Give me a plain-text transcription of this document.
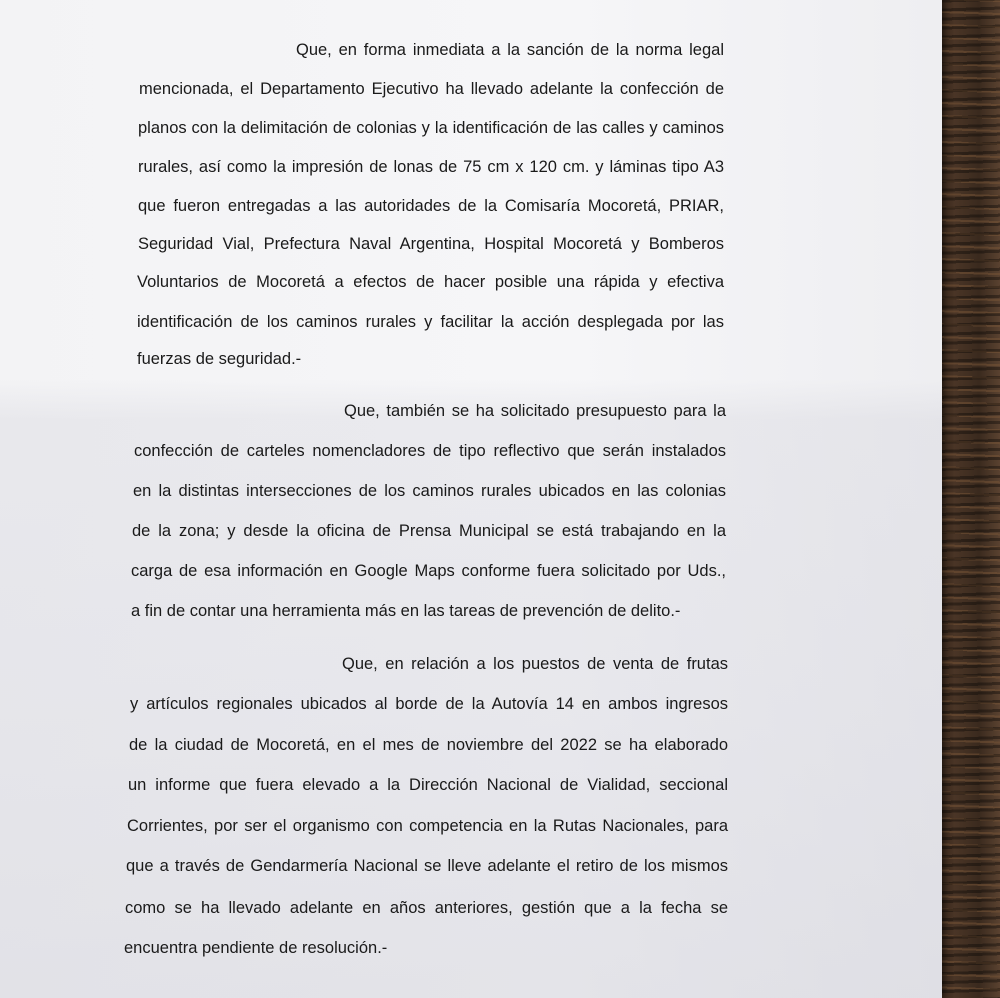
Que, en forma inmediata a la sanción de la norma legal
mencionada, el Departamento Ejecutivo ha llevado adelante la confección de
planos con la delimitación de colonias y la identificación de las calles y caminos
rurales, así como la impresión de lonas de 75 cm x 120 cm. y láminas tipo A3
que fueron entregadas a las autoridades de la Comisaría Mocoretá, PRIAR,
Seguridad Vial, Prefectura Naval Argentina, Hospital Mocoretá y Bomberos
Voluntarios de Mocoretá a efectos de hacer posible una rápida y efectiva
identificación de los caminos rurales y facilitar la acción desplegada por las
fuerzas de seguridad.-
Que, también se ha solicitado presupuesto para la
confección de carteles nomencladores de tipo reflectivo que serán instalados
en la distintas intersecciones de los caminos rurales ubicados en las colonias
de la zona; y desde la oficina de Prensa Municipal se está trabajando en la
carga de esa información en Google Maps conforme fuera solicitado por Uds.,
a fin de contar una herramienta más en las tareas de prevención de delito.-
Que, en relación a los puestos de venta de frutas
y artículos regionales ubicados al borde de la Autovía 14 en ambos ingresos
de la ciudad de Mocoretá, en el mes de noviembre del 2022 se ha elaborado
un informe que fuera elevado a la Dirección Nacional de Vialidad, seccional
Corrientes, por ser el organismo con competencia en la Rutas Nacionales, para
que a través de Gendarmería Nacional se lleve adelante el retiro de los mismos
como se ha llevado adelante en años anteriores, gestión que a la fecha se
encuentra pendiente de resolución.-
